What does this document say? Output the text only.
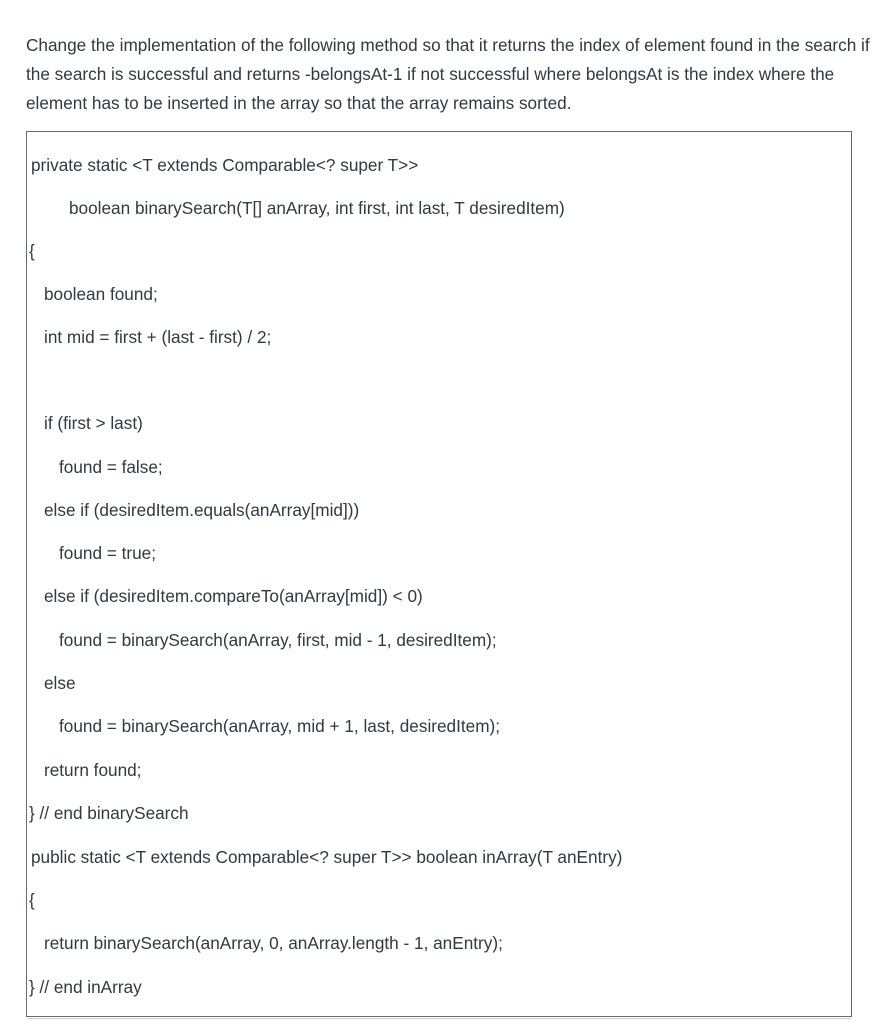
Change the implementation of the following method so that it returns the index of element found in the search if the search is successful and returns -belongsAt-1 if not successful where belongsAt is the index where the element has to be inserted in the array so that the array remains sorted.

private static <T extends Comparable<? super T>>
boolean binarySearch(T[] anArray, int first, int last, T desiredItem)
{
boolean found;
int mid = first + (last - first) / 2;
if (first > last)
found = false;
else if (desiredItem.equals(anArray[mid]))
found = true;
else if (desiredItem.compareTo(anArray[mid]) < 0)
found = binarySearch(anArray, first, mid - 1, desiredItem);
else
found = binarySearch(anArray, mid + 1, last, desiredItem);
return found;
} // end binarySearch
public static <T extends Comparable<? super T>> boolean inArray(T anEntry)
{
return binarySearch(anArray, 0, anArray.length - 1, anEntry);
} // end inArray
